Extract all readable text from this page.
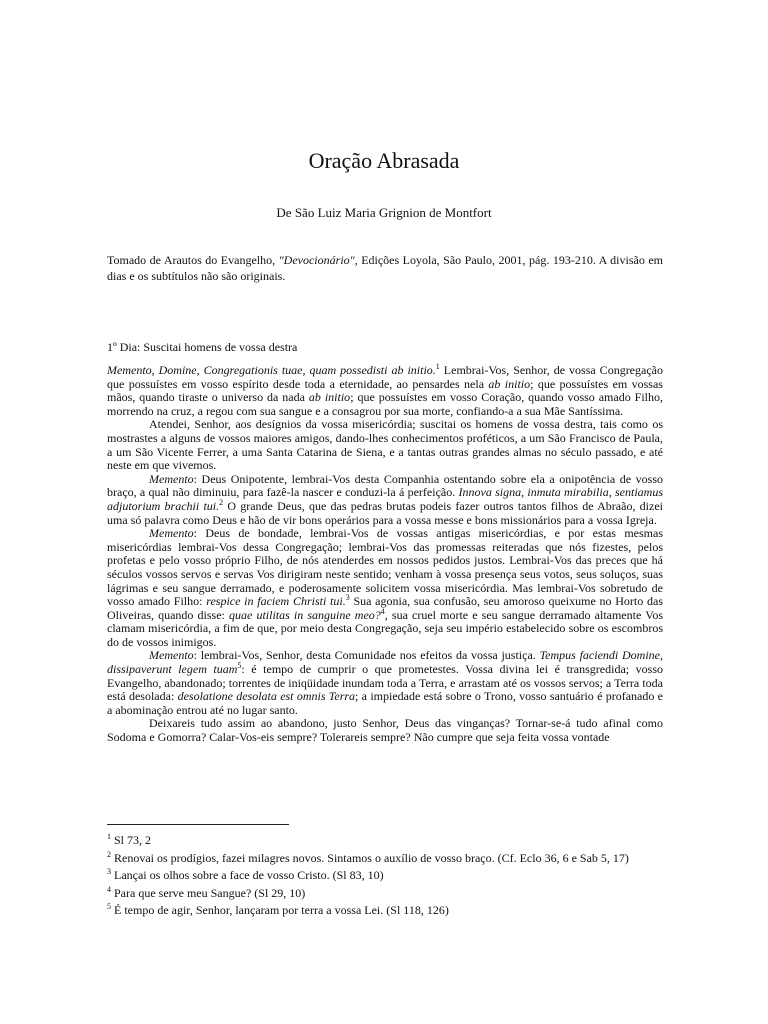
Oração Abrasada
De São Luiz Maria Grignion de Montfort
Tomado de Arautos do Evangelho, "Devocionário", Edições Loyola, São Paulo, 2001, pág. 193-210. A divisão em dias e os subtítulos não são originais.
1º Dia: Suscitai homens de vossa destra

Memento, Domine, Congregationis tuae, quam possedisti ab initio.$^1$ Lembrai-Vos, Senhor, de vossa Congregação que possuístes em vosso espírito desde toda a eternidade, ao pensardes nela ab initio; que possuístes em vossas mãos, quando tiraste o universo da nada ab initio; que possuístes em vosso Coração, quando vosso amado Filho, morrendo na cruz, a regou com sua sangue e a consagrou por sua morte, confiando-a a sua Mãe Santíssima.

Atendei, Senhor, aos desígnios da vossa misericórdia; suscitai os homens de vossa destra, tais como os mostrastes a alguns de vossos maiores amigos, dando-lhes conhecimentos proféticos, a um São Francisco de Paula, a um São Vicente Ferrer, a uma Santa Catarina de Siena, e a tantas outras grandes almas no século passado, e até neste em que vivemos.

Memento: Deus Onipotente, lembrai-Vos desta Companhia ostentando sobre ela a onipotência de vosso braço, a qual não diminuiu, para fazê-la nascer e conduzi-la á perfeição. Innova signa, inmuta mirabilia, sentiamus adjutorium brachii tui.$^2$ O grande Deus, que das pedras brutas podeis fazer outros tantos filhos de Abraão, dizei uma só palavra como Deus e hão de vir bons operários para a vossa messe e bons missionários para a vossa Igreja.

Memento: Deus de bondade, lembrai-Vos de vossas antigas misericórdias, e por estas mesmas misericórdias lembrai-Vos dessa Congregação; lembrai-Vos das promessas reiteradas que nós fizestes, pelos profetas e pelo vosso próprio Filho, de nós atenderdes em nossos pedidos justos. Lembrai-Vos das preces que há séculos vossos servos e servas Vos dirigiram neste sentido; venham à vossa presença seus votos, seus soluços, suas lágrimas e seu sangue derramado, e poderosamente solicitem vossa misericórdia. Mas lembrai-Vos sobretudo de vosso amado Filho: respice in faciem Christi tui.$^3$ Sua agonia, sua confusão, seu amoroso queixume no Horto das Oliveiras, quando disse: quae utilitas in sanguine meo?$^4$, sua cruel morte e seu sangue derramado altamente Vos clamam misericórdia, a fim de que, por meio desta Congregação, seja seu império estabelecido sobre os escombros do de vossos inimigos.

Memento: lembrai-Vos, Senhor, desta Comunidade nos efeitos da vossa justiça. Tempus faciendi Domine, dissipaverunt legem tuam$^5$: é tempo de cumprir o que prometestes. Vossa divina lei é transgredida; vosso Evangelho, abandonado; torrentes de iniqüidade inundam toda a Terra, e arrastam até os vossos servos; a Terra toda está desolada: desolatione desolata est omnis Terra; a impiedade está sobre o Trono, vosso santuário é profanado e a abominação entrou até no lugar santo.

Deixareis tudo assim ao abandono, justo Senhor, Deus das vinganças? Tornar-se-á tudo afinal como Sodoma e Gomorra? Calar-Vos-eis sempre? Tolerareis sempre? Não cumpre que seja feita vossa vontade

$^1$ Sl 73, 2
$^2$ Renovai os prodígios, fazei milagres novos. Sintamos o auxílio de vosso braço. (Cf. Eclo 36, 6 e Sab 5, 17)
$^3$ Lançai os olhos sobre a face de vosso Cristo. (Sl 83, 10)
$^4$ Para que serve meu Sangue? (Sl 29, 10)
$^5$ É tempo de agir, Senhor, lançaram por terra a vossa Lei. (Sl 118, 126)
